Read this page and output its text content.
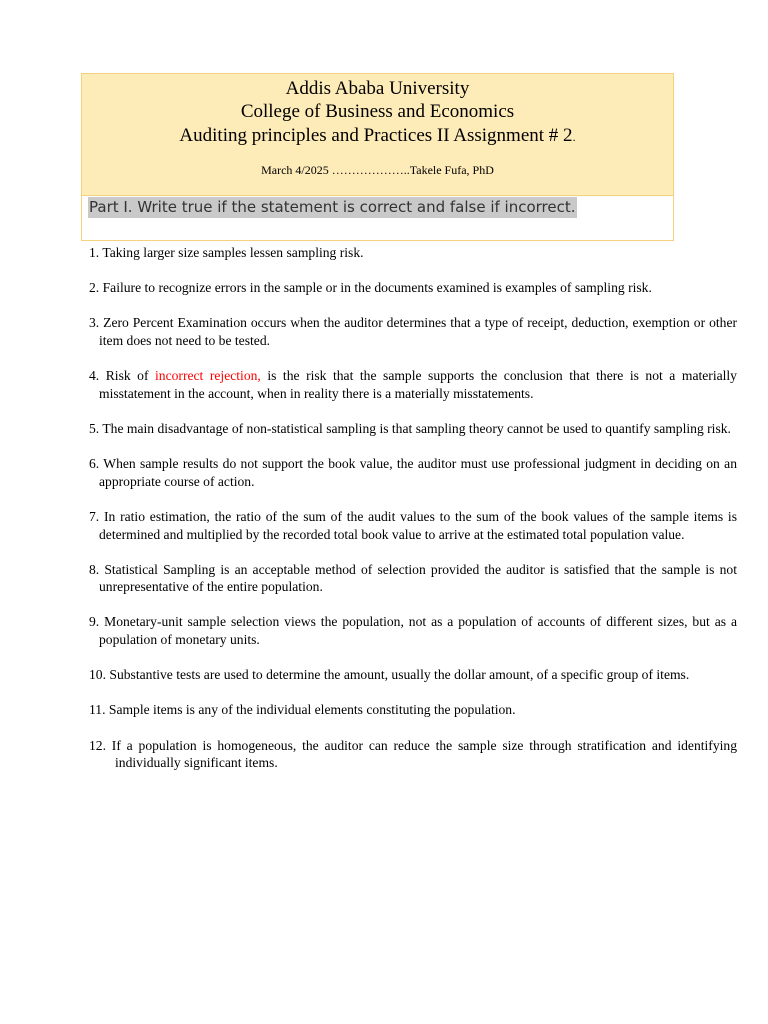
Addis Ababa University
College of Business and Economics
Auditing principles and Practices II Assignment # 2.
March 4/2025 ………………..Takele Fufa, PhD
Part I. Write true if the statement is correct and false if incorrect.

1. Taking larger size samples lessen sampling risk.

2. Failure to recognize errors in the sample or in the documents examined is examples of sampling risk.

3. Zero Percent Examination occurs when the auditor determines that a type of receipt, deduction, exemption or other item does not need to be tested.

4. Risk of incorrect rejection, is the risk that the sample supports the conclusion that there is not a materially misstatement in the account, when in reality there is a materially misstatements.

5. The main disadvantage of non-statistical sampling is that sampling theory cannot be used to quantify sampling risk.

6. When sample results do not support the book value, the auditor must use professional judgment in deciding on an appropriate course of action.

7. In ratio estimation, the ratio of the sum of the audit values to the sum of the book values of the sample items is determined and multiplied by the recorded total book value to arrive at the estimated total population value.

8. Statistical Sampling is an acceptable method of selection provided the auditor is satisfied that the sample is not unrepresentative of the entire population.

9. Monetary-unit sample selection views the population, not as a population of accounts of different sizes, but as a population of monetary units.

10. Substantive tests are used to determine the amount, usually the dollar amount, of a specific group of items.

11. Sample items is any of the individual elements constituting the population.

12. If a population is homogeneous, the auditor can reduce the sample size through stratification and identifying individually significant items.
